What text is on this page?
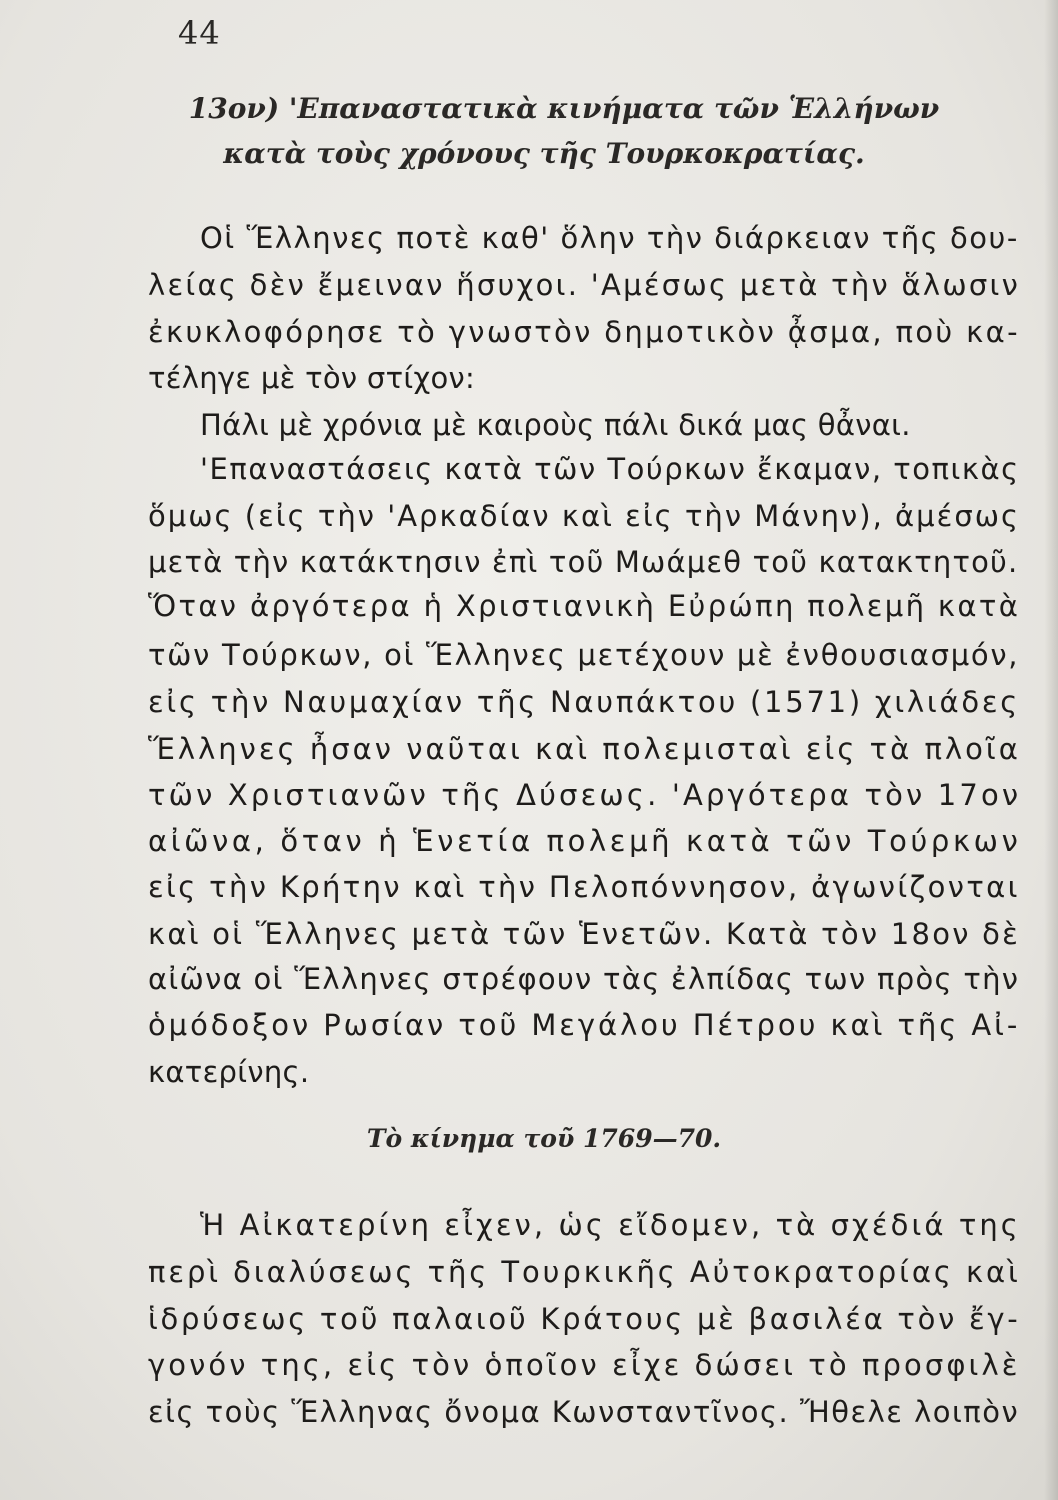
44
13ον) 'Επαναστατικὰ κινήματα τῶν Ἑλλήνων
κατὰ τοὺς χρόνους τῆς Τουρκοκρατίας.
Οἱ Ἕλληνες ποτὲ καθ' ὅλην τὴν διάρκειαν τῆς δου-
λείας δὲν ἔμειναν ἥσυχοι. 'Αμέσως μετὰ τὴν ἅλωσιν
ἐκυκλοφόρησε τὸ γνωστὸν δημοτικὸν ᾆσμα, ποὺ κα-
τέληγε μὲ τὸν στίχον:
Πάλι μὲ χρόνια μὲ καιροὺς πάλι δικά μας θἆναι.
'Επαναστάσεις κατὰ τῶν Τούρκων ἔκαμαν, τοπικὰς
ὅμως (εἰς τὴν 'Αρκαδίαν καὶ εἰς τὴν Μάνην), ἀμέσως
μετὰ τὴν κατάκτησιν ἐπὶ τοῦ Μωάμεθ τοῦ κατακτητοῦ.
Ὅταν ἀργότερα ἡ Χριστιανικὴ Εὐρώπη πολεμῆ κατὰ
τῶν Τούρκων, οἱ Ἕλληνες μετέχουν μὲ ἐνθουσιασμόν,
εἰς τὴν Ναυμαχίαν τῆς Ναυπάκτου (1571) χιλιάδες
Ἕλληνες ἦσαν ναῦται καὶ πολεμισταὶ εἰς τὰ πλοῖα
τῶν Χριστιανῶν τῆς Δύσεως. 'Αργότερα τὸν 17ον
αἰῶνα, ὅταν ἡ Ἑνετία πολεμῆ κατὰ τῶν Τούρκων
εἰς τὴν Κρήτην καὶ τὴν Πελοπόννησον, ἀγωνίζονται
καὶ οἱ Ἕλληνες μετὰ τῶν Ἑνετῶν. Κατὰ τὸν 18ον δὲ
αἰῶνα οἱ Ἕλληνες στρέφουν τὰς ἐλπίδας των πρὸς τὴν
ὁμόδοξον Ρωσίαν τοῦ Μεγάλου Πέτρου καὶ τῆς Αἰ-
κατερίνης.
Τὸ κίνημα τοῦ 1769—70.
Ἡ Αἰκατερίνη εἶχεν, ὡς εἴδομεν, τὰ σχέδιά της
περὶ διαλύσεως τῆς Τουρκικῆς Αὐτοκρατορίας καὶ
ἱδρύσεως τοῦ παλαιοῦ Κράτους μὲ βασιλέα τὸν ἔγ-
γονόν της, εἰς τὸν ὁποῖον εἶχε δώσει τὸ προσφιλὲ
εἰς τοὺς Ἕλληνας ὄνομα Κωνσταντῖνος. Ἤθελε λοιπὸν
